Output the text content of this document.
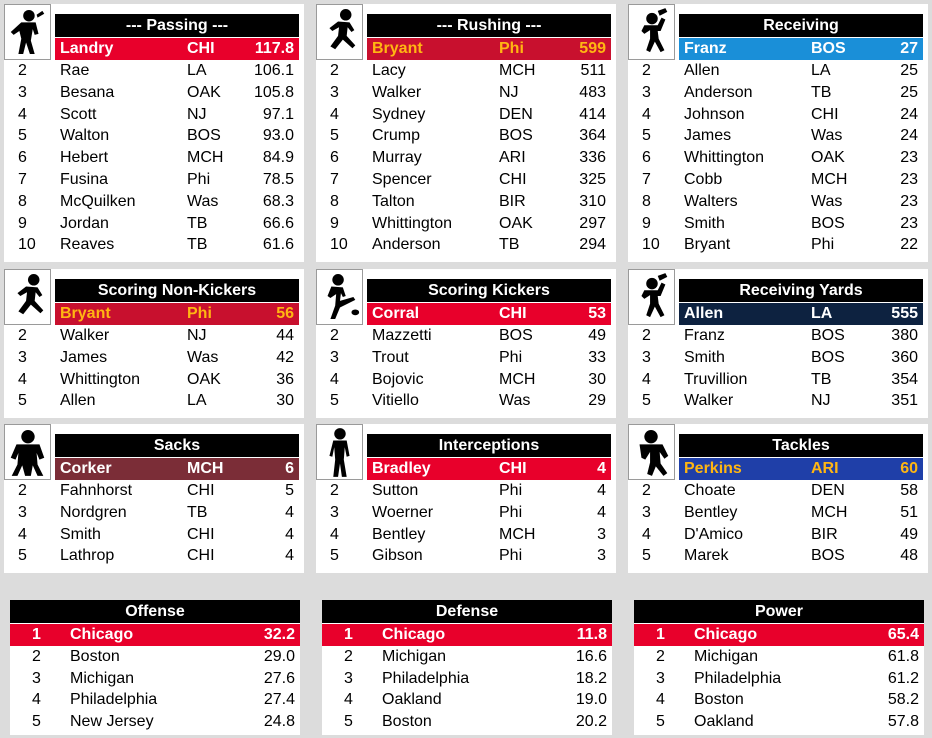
--- Passing ---
Landry	CHI	117.8
2	Rae	LA	106.1
3	Besana	OAK	105.8
4	Scott	NJ	97.1
5	Walton	BOS	93.0
6	Hebert	MCH	84.9
7	Fusina	Phi	78.5
8	McQuilken	Was	68.3
9	Jordan	TB	66.6
10	Reaves	TB	61.6
--- Rushing ---
Bryant	Phi	599
2	Lacy	MCH	511
3	Walker	NJ	483
4	Sydney	DEN	414
5	Crump	BOS	364
6	Murray	ARI	336
7	Spencer	CHI	325
8	Talton	BIR	310
9	Whittington	OAK	297
10	Anderson	TB	294
Receiving
Franz	BOS	27
2	Allen	LA	25
3	Anderson	TB	25
4	Johnson	CHI	24
5	James	Was	24
6	Whittington	OAK	23
7	Cobb	MCH	23
8	Walters	Was	23
9	Smith	BOS	23
10	Bryant	Phi	22
Scoring Non-Kickers
Bryant	Phi	56
2	Walker	NJ	44
3	James	Was	42
4	Whittington	OAK	36
5	Allen	LA	30
Scoring Kickers
Corral	CHI	53
2	Mazzetti	BOS	49
3	Trout	Phi	33
4	Bojovic	MCH	30
5	Vitiello	Was	29
Receiving Yards
Allen	LA	555
2	Franz	BOS	380
3	Smith	BOS	360
4	Truvillion	TB	354
5	Walker	NJ	351
Sacks
Corker	MCH	6
2	Fahnhorst	CHI	5
3	Nordgren	TB	4
4	Smith	CHI	4
5	Lathrop	CHI	4
Interceptions
Bradley	CHI	4
2	Sutton	Phi	4
3	Woerner	Phi	4
4	Bentley	MCH	3
5	Gibson	Phi	3
Tackles
Perkins	ARI	60
2	Choate	DEN	58
3	Bentley	MCH	51
4	D'Amico	BIR	49
5	Marek	BOS	48
Offense
1 Chicago	32.2
2 Boston	29.0
3 Michigan	27.6
4 Philadelphia	27.4
5 New Jersey	24.8
Defense
1 Chicago	11.8
2 Michigan	16.6
3 Philadelphia	18.2
4 Oakland	19.0
5 Boston	20.2
Power
1 Chicago	65.4
2 Michigan	61.8
3 Philadelphia	61.2
4 Boston	58.2
5 Oakland	57.8
